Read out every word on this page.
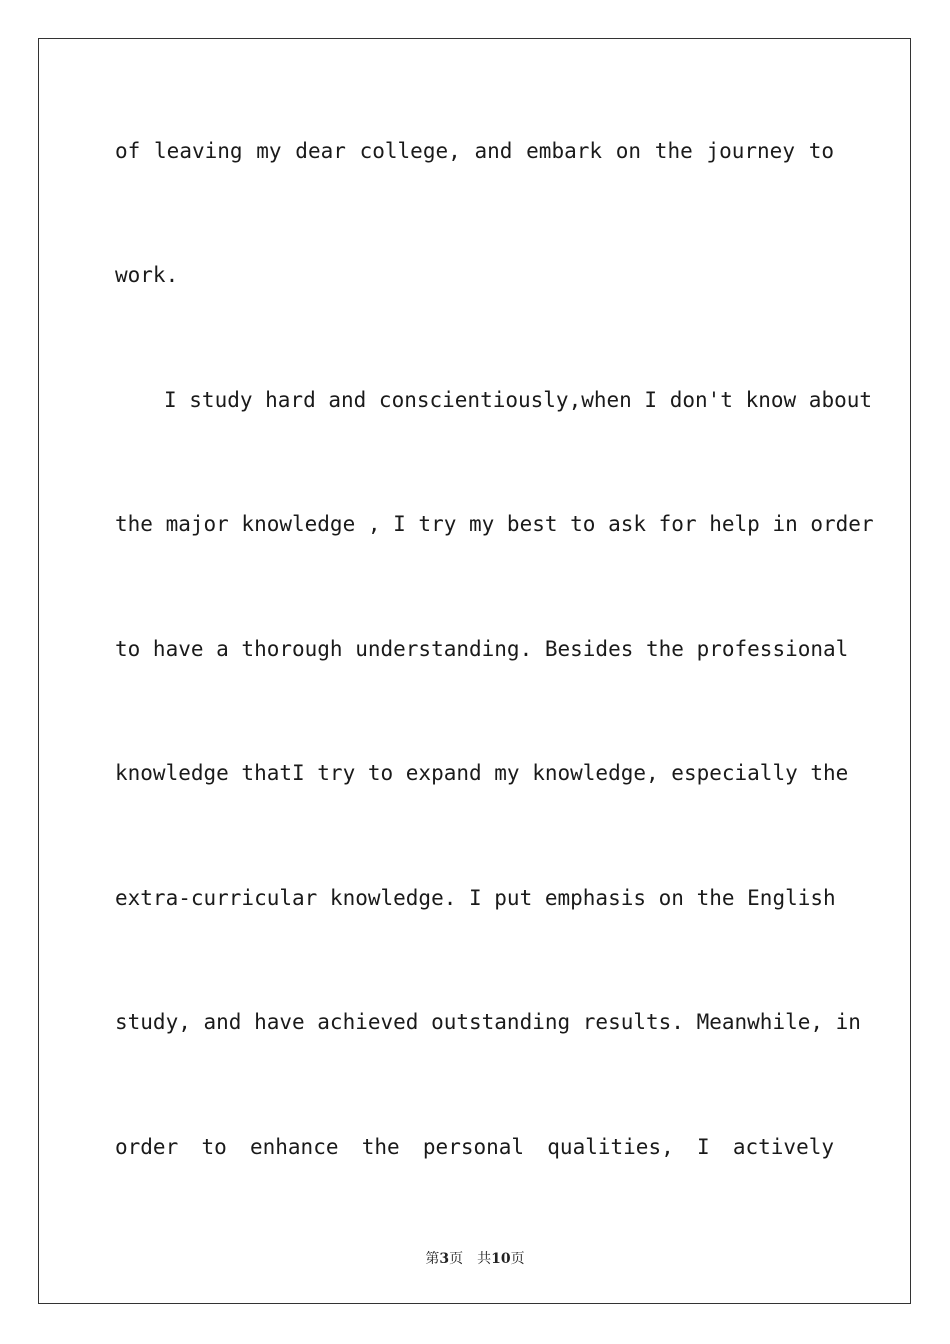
of leaving my dear college, and embark on the journey to
work.
I study hard and conscientiously,when I don't know about
the major knowledge , I try my best to ask for help in order
to have a thorough understanding. Besides the professional
knowledge thatI try to expand my knowledge, especially the
extra-curricular knowledge. I put emphasis on the English
study, and have achieved outstanding results. Meanwhile, in
order to enhance the personal qualities, I actively
第3页 共10页
